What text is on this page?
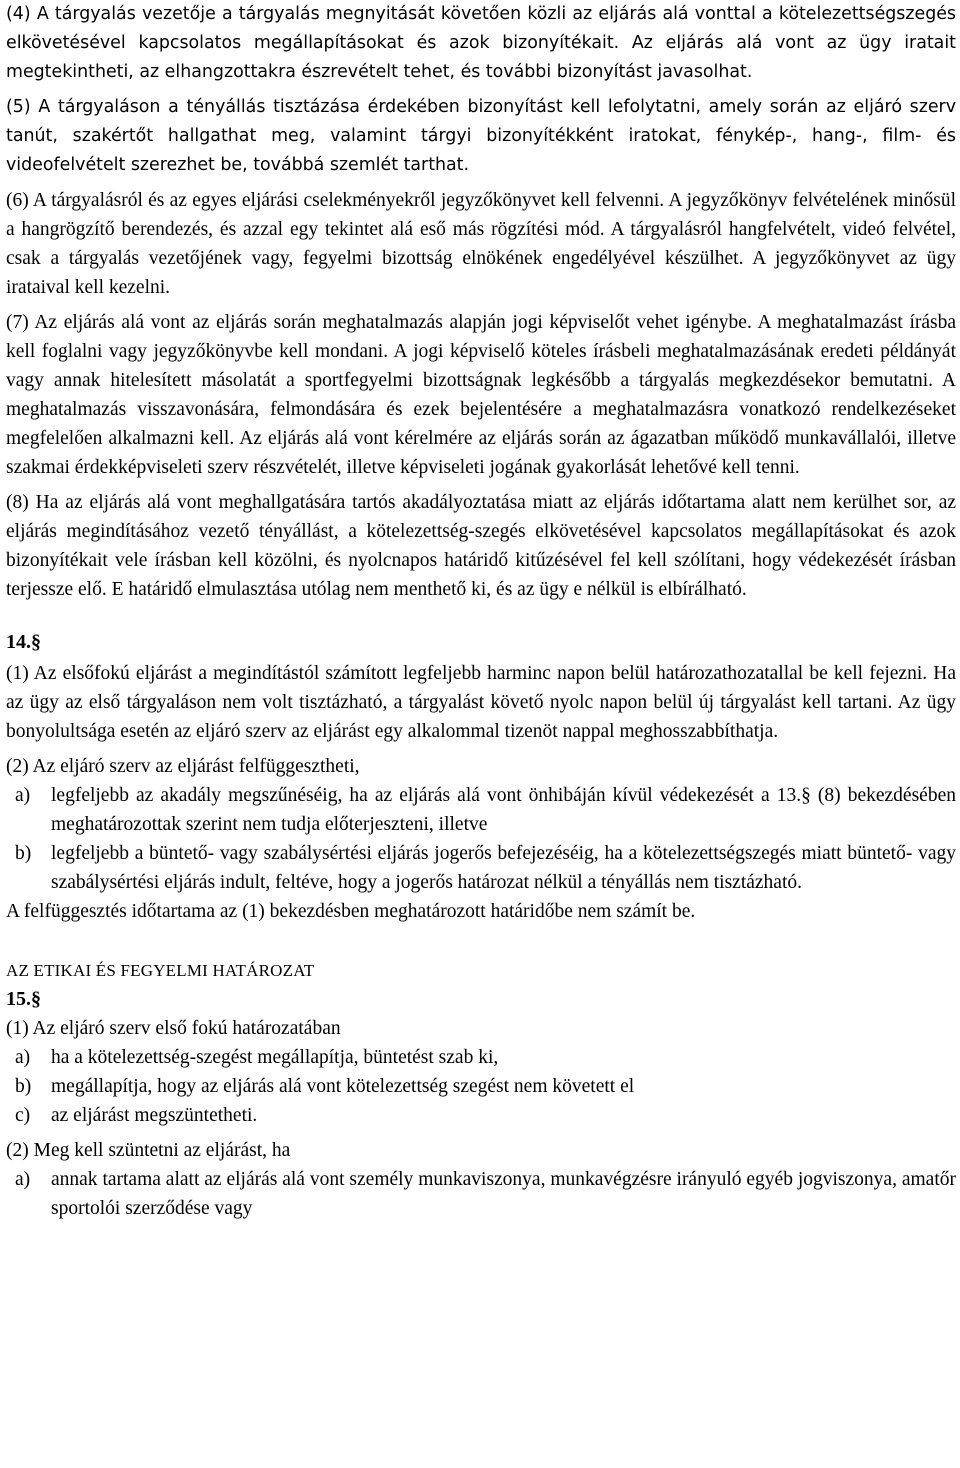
(4) A tárgyalás vezetője a tárgyalás megnyitását követően közli az eljárás alá vonttal a kötelezettségszegés elkövetésével kapcsolatos megállapításokat és azok bizonyítékait. Az eljárás alá vont az ügy iratait megtekintheti, az elhangzottakra észrevételt tehet, és további bizonyítást javasolhat.

(5) A tárgyaláson a tényállás tisztázása érdekében bizonyítást kell lefolytatni, amely során az eljáró szerv tanút, szakértőt hallgathat meg, valamint tárgyi bizonyítékként iratokat, fénykép-, hang-, film- és videofelvételt szerezhet be, továbbá szemlét tarthat.

(6) A tárgyalásról és az egyes eljárási cselekményekről jegyzőkönyvet kell felvenni. A jegyzőkönyv felvételének minősül a hangrögzítő berendezés, és azzal egy tekintet alá eső más rögzítési mód. A tárgyalásról hangfelvételt, videó felvétel, csak a tárgyalás vezetőjének vagy, fegyelmi bizottság elnökének engedélyével készülhet. A jegyzőkönyvet az ügy irataival kell kezelni.

(7) Az eljárás alá vont az eljárás során meghatalmazás alapján jogi képviselőt vehet igénybe. A meghatalmazást írásba kell foglalni vagy jegyzőkönyvbe kell mondani. A jogi képviselő köteles írásbeli meghatalmazásának eredeti példányát vagy annak hitelesített másolatát a sportfegyelmi bizottságnak legkésőbb a tárgyalás megkezdésekor bemutatni. A meghatalmazás visszavonására, felmondására és ezek bejelentésére a meghatalmazásra vonatkozó rendelkezéseket megfelelően alkalmazni kell. Az eljárás alá vont kérelmére az eljárás során az ágazatban működő munkavállalói, illetve szakmai érdekképviseleti szerv részvételét, illetve képviseleti jogának gyakorlását lehetővé kell tenni.

(8) Ha az eljárás alá vont meghallgatására tartós akadályoztatása miatt az eljárás időtartama alatt nem kerülhet sor, az eljárás megindításához vezető tényállást, a kötelezettség-szegés elkövetésével kapcsolatos megállapításokat és azok bizonyítékait vele írásban kell közölni, és nyolcnapos határidő kitűzésével fel kell szólítani, hogy védekezését írásban terjessze elő. E határidő elmulasztása utólag nem menthető ki, és az ügy e nélkül is elbírálható.

14.§

(1) Az elsőfokú eljárást a megindítástól számított legfeljebb harminc napon belül határozathozatallal be kell fejezni. Ha az ügy az első tárgyaláson nem volt tisztázható, a tárgyalást követő nyolc napon belül új tárgyalást kell tartani. Az ügy bonyolultsága esetén az eljáró szerv az eljárást egy alkalommal tizenöt nappal meghosszabbíthatja.

(2) Az eljáró szerv az eljárást felfüggesztheti,

a) legfeljebb az akadály megszűnéséig, ha az eljárás alá vont önhibáján kívül védekezését a 13.§ (8) bekezdésében meghatározottak szerint nem tudja előterjeszteni, illetve
b) legfeljebb a büntető- vagy szabálysértési eljárás jogerős befejezéséig, ha a kötelezettségszegés miatt büntető- vagy szabálysértési eljárás indult, feltéve, hogy a jogerős határozat nélkül a tényállás nem tisztázható.

A felfüggesztés időtartama az (1) bekezdésben meghatározott határidőbe nem számít be.

AZ ETIKAI ÉS FEGYELMI HATÁROZAT
15.§

(1) Az eljáró szerv első fokú határozatában

a) ha a kötelezettség-szegést megállapítja, büntetést szab ki,
b) megállapítja, hogy az eljárás alá vont kötelezettség szegést nem követett el
c) az eljárást megszüntetheti.

(2) Meg kell szüntetni az eljárást, ha

a) annak tartama alatt az eljárás alá vont személy munkaviszonya, munkavégzésre irányuló egyéb jogviszonya, amatőr sportolói szerződése vagy
